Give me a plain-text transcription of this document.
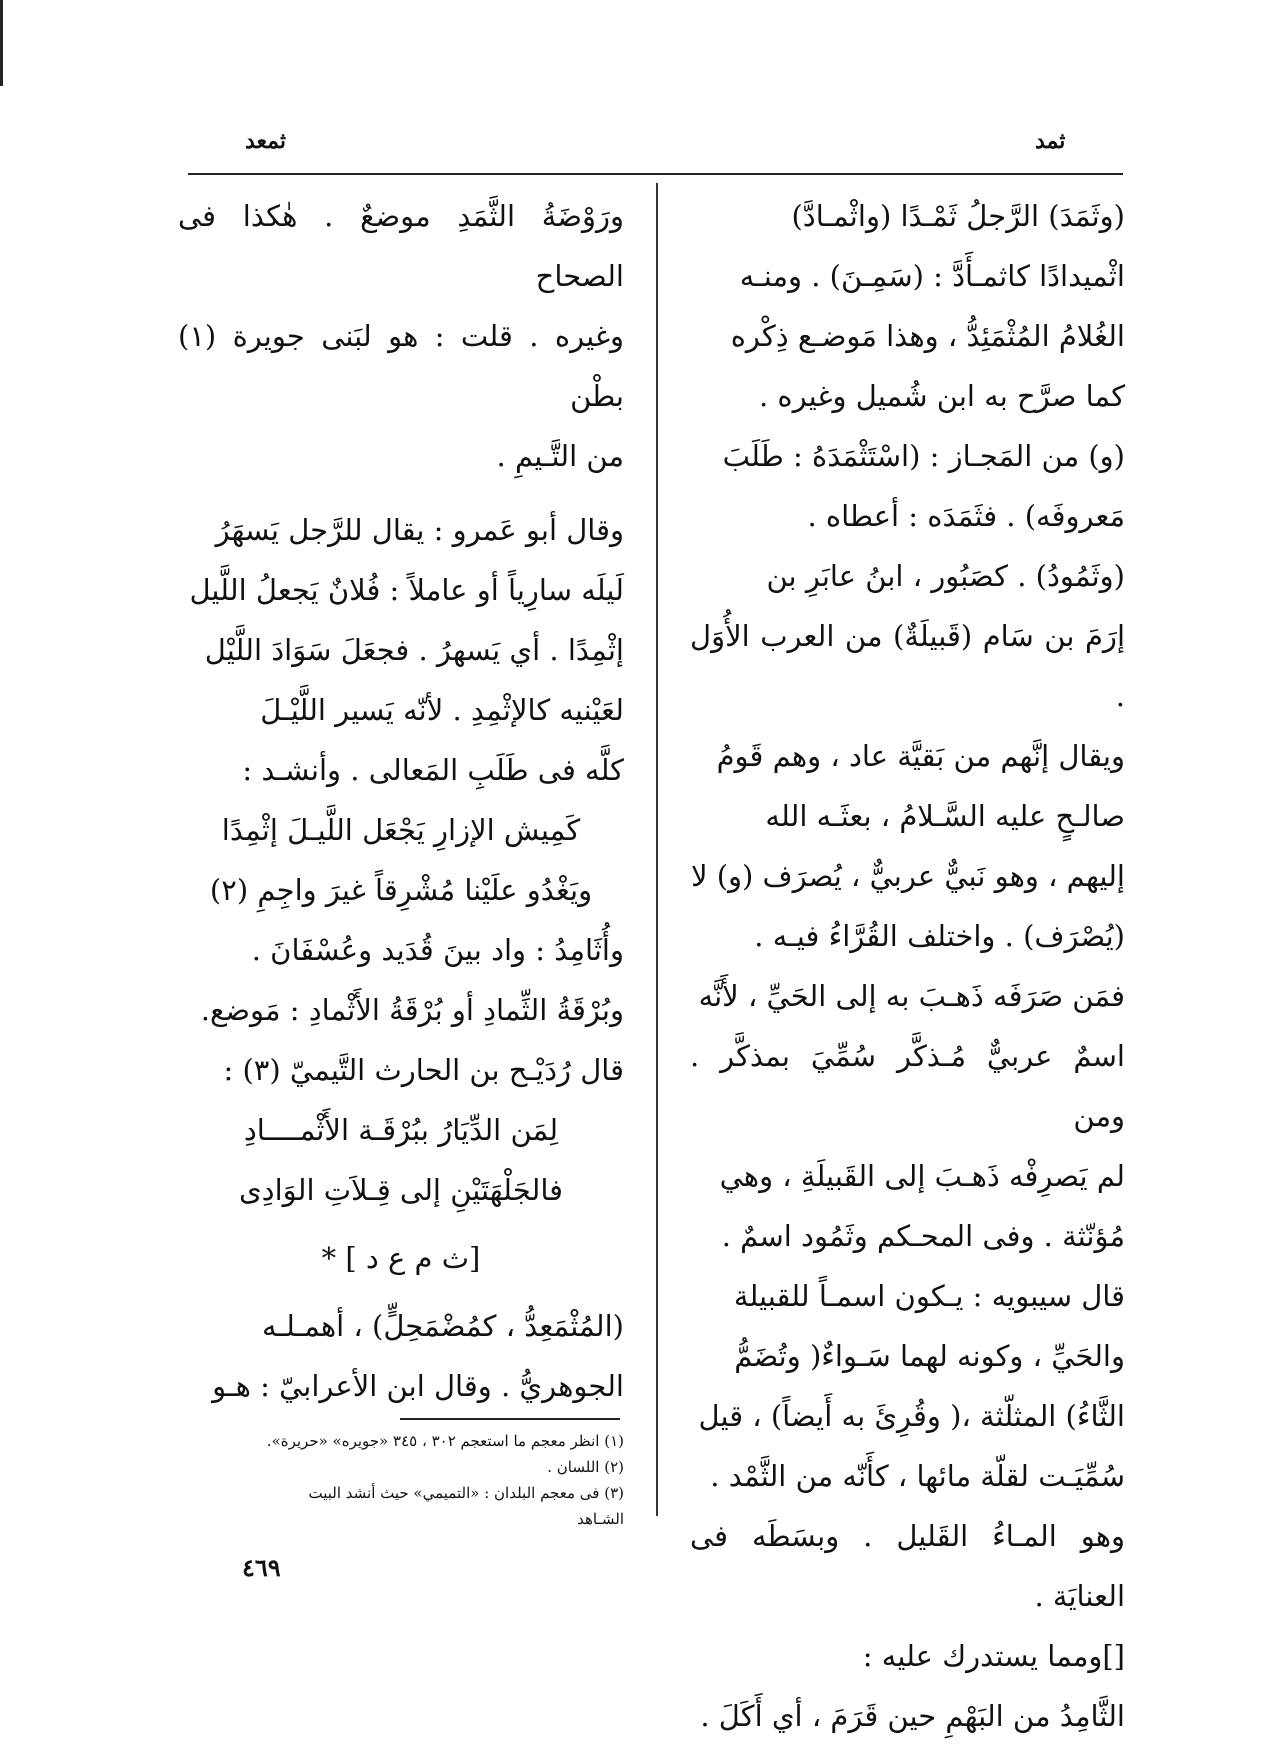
ثمعد	ثمد

(وثَمَدَ) الرَّجلُ ثَمْـدًا (واثْمـادَّ)

اثْميدادًا كاثمـأَدَّ : (سَمِـنَ) . ومنـه

الغُلامُ المُثْمَئِدُّ ، وهذا مَوضـع ذِكْره

كما صرَّح به ابن شُميل وغيره .

(و) من المَجـاز : (اسْتَثْمَدَهُ : طَلَبَ

مَعروفَه) . فثَمَدَه : أعطاه .

(وثَمُودُ) . كصَبُور ، ابنُ عابَرِ بن

إرَمَ بن سَام (قَبيلَةٌ) من العرب الأُوَل .

ويقال إنَّهم من بَقيَّة عاد ، وهم قَومُ

صالـحٍ عليه السَّـلامُ ، بعثَـه الله

إليهم ، وهو نَبيٌّ عربيٌّ ، يُصرَف (و) لا

(يُصْرَف) . واختلف القُرَّاءُ فيـه .

فمَن صَرَفَه ذَهـبَ به إلى الحَيِّ ، لأَنَّه

اسمٌ عربيٌّ مُـذكَّر سُمِّيَ بمذكَّر . ومن

لم يَصرِفْه ذَهـبَ إلى القَبيلَةِ ، وهي

مُؤنّثة . وفى المحـكم وثَمُود اسمٌ .

قال سيبويه : يـكون اسمـاً للقبيلة

والحَيِّ ، وكونه لهما سَـواءٌ( وتُضَمُّ

الثَّاءُ) المثلّثة ،( وقُرِئَ به أَيضاً) ، قيل

سُمِّيَـت لقلّة مائها ، كأَنّه من الثَّمْد .

وهو المـاءُ القَليل . وبسَطَه فى العنايَة .

[]ومما يستدرك عليه :

الثَّامِدُ من البَهْمِ حين قَرَمَ ، أي أَكَلَ .

ورَوْضَةُ الثَّمَدِ موضعٌ . هٰكذا فى الصحاح

وغيره . قلت : هو لبَنى جويرة (١) بطْن

من التَّـيمِ .

وقال أبو عَمرو : يقال للرَّجل يَسهَرُ

لَيلَه سارِياً أو عاملاً : فُلانٌ يَجعلُ اللَّيل

إثْمِدًا . أي يَسهرُ . فجعَلَ سَوَادَ اللَّيْل

لعَيْنيه كالإثْمِدِ . لأنّه يَسير اللَّيْـلَ

كلَّه فى طَلَبِ المَعالى . وأنشـد :

كَمِيش الإزارِ يَجْعَل اللَّيـلَ إثْمِدًا

ويَغْدُو علَيْنا مُشْرِقاً غيرَ واجِمِ (٢)

وأُثَامِدُ : واد بينَ قُدَيد وعُسْفَانَ .

وبُرْقَةُ الثِّمادِ أو بُرْقَةُ الأَثْمادِ : مَوضع.

قال رُدَيْـح بن الحارث التَّيميّ (٣) :

لِمَن الدِّيَارُ ببُرْقَـة الأَثْمــــادِ

فالجَلْهَتَيْنِ إلى قِـلاَتِ الوَادِى

[ث م ع د ] *

(المُثْمَعِدُّ ، كمُضْمَحِلٍّ) ، أهمـلـه

الجوهريُّ . وقال ابن الأعرابيّ : هـو

(١) انظر معجم ما استعجم ٣٠٢ ، ٣٤٥ «جويره» «حريرة».

(٢) اللسان .

(٣) فى معجم البلدان : «التميمي» حيث أنشد البيت

الشـاهد

٤٦٩
